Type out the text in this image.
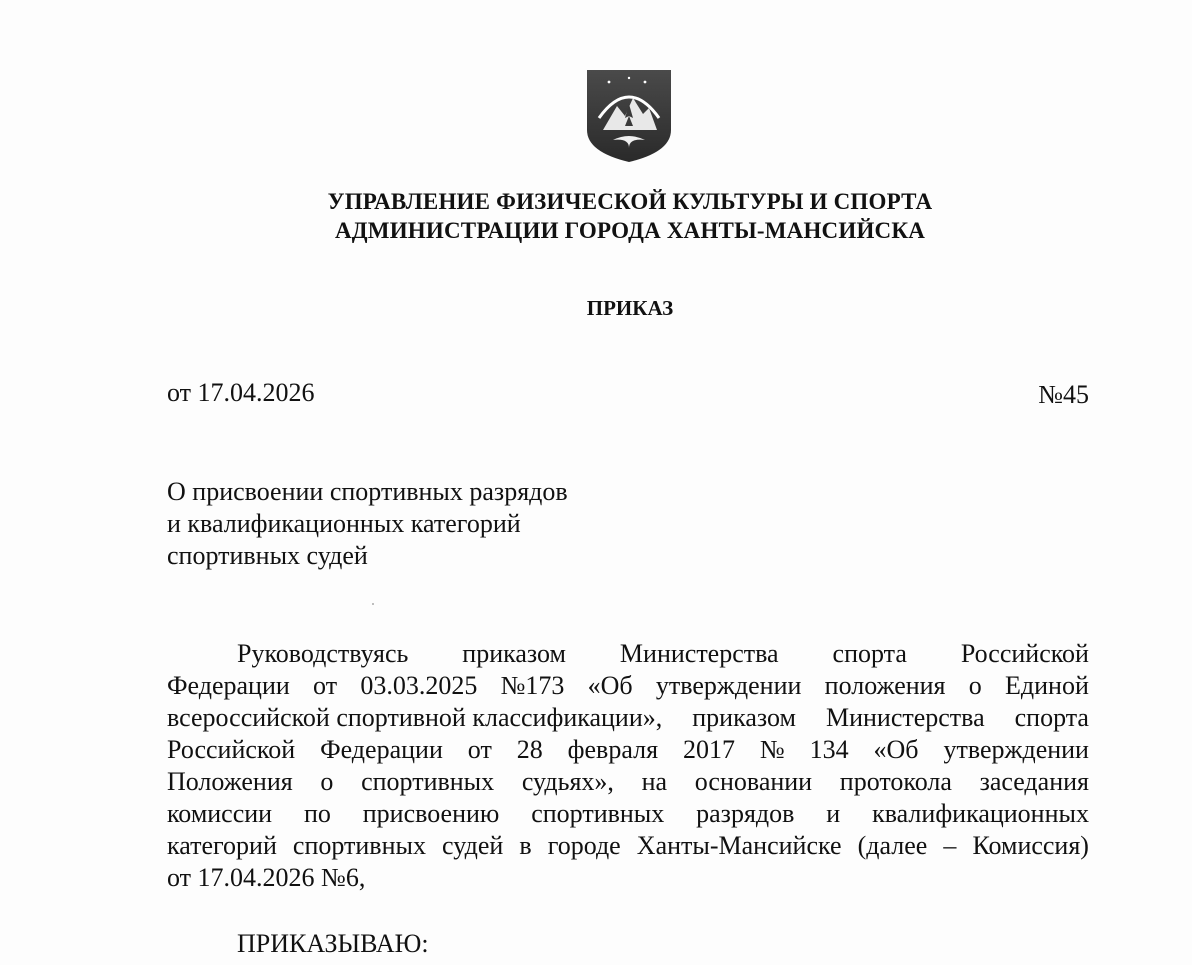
УПРАВЛЕНИЕ ФИЗИЧЕСКОЙ КУЛЬТУРЫ И СПОРТА
АДМИНИСТРАЦИИ ГОРОДА ХАНТЫ-МАНСИЙСКА
ПРИКАЗ
от 17.04.2026	№45
О присвоении спортивных разрядов
и квалификационных категорий
спортивных судей
Руководствуясь приказом Министерства спорта Российской
Федерации от 03.03.2025 №173 «Об утверждении положения о Единой
всероссийской спортивной классификации», приказом Министерства спорта
Российской Федерации от 28 февраля 2017 № 134 «Об утверждении
Положения о спортивных судьях», на основании протокола заседания
комиссии по присвоению спортивных разрядов и квалификационных
категорий спортивных судей в городе Ханты-Мансийске (далее – Комиссия)
от 17.04.2026 №6,
ПРИКАЗЫВАЮ:
